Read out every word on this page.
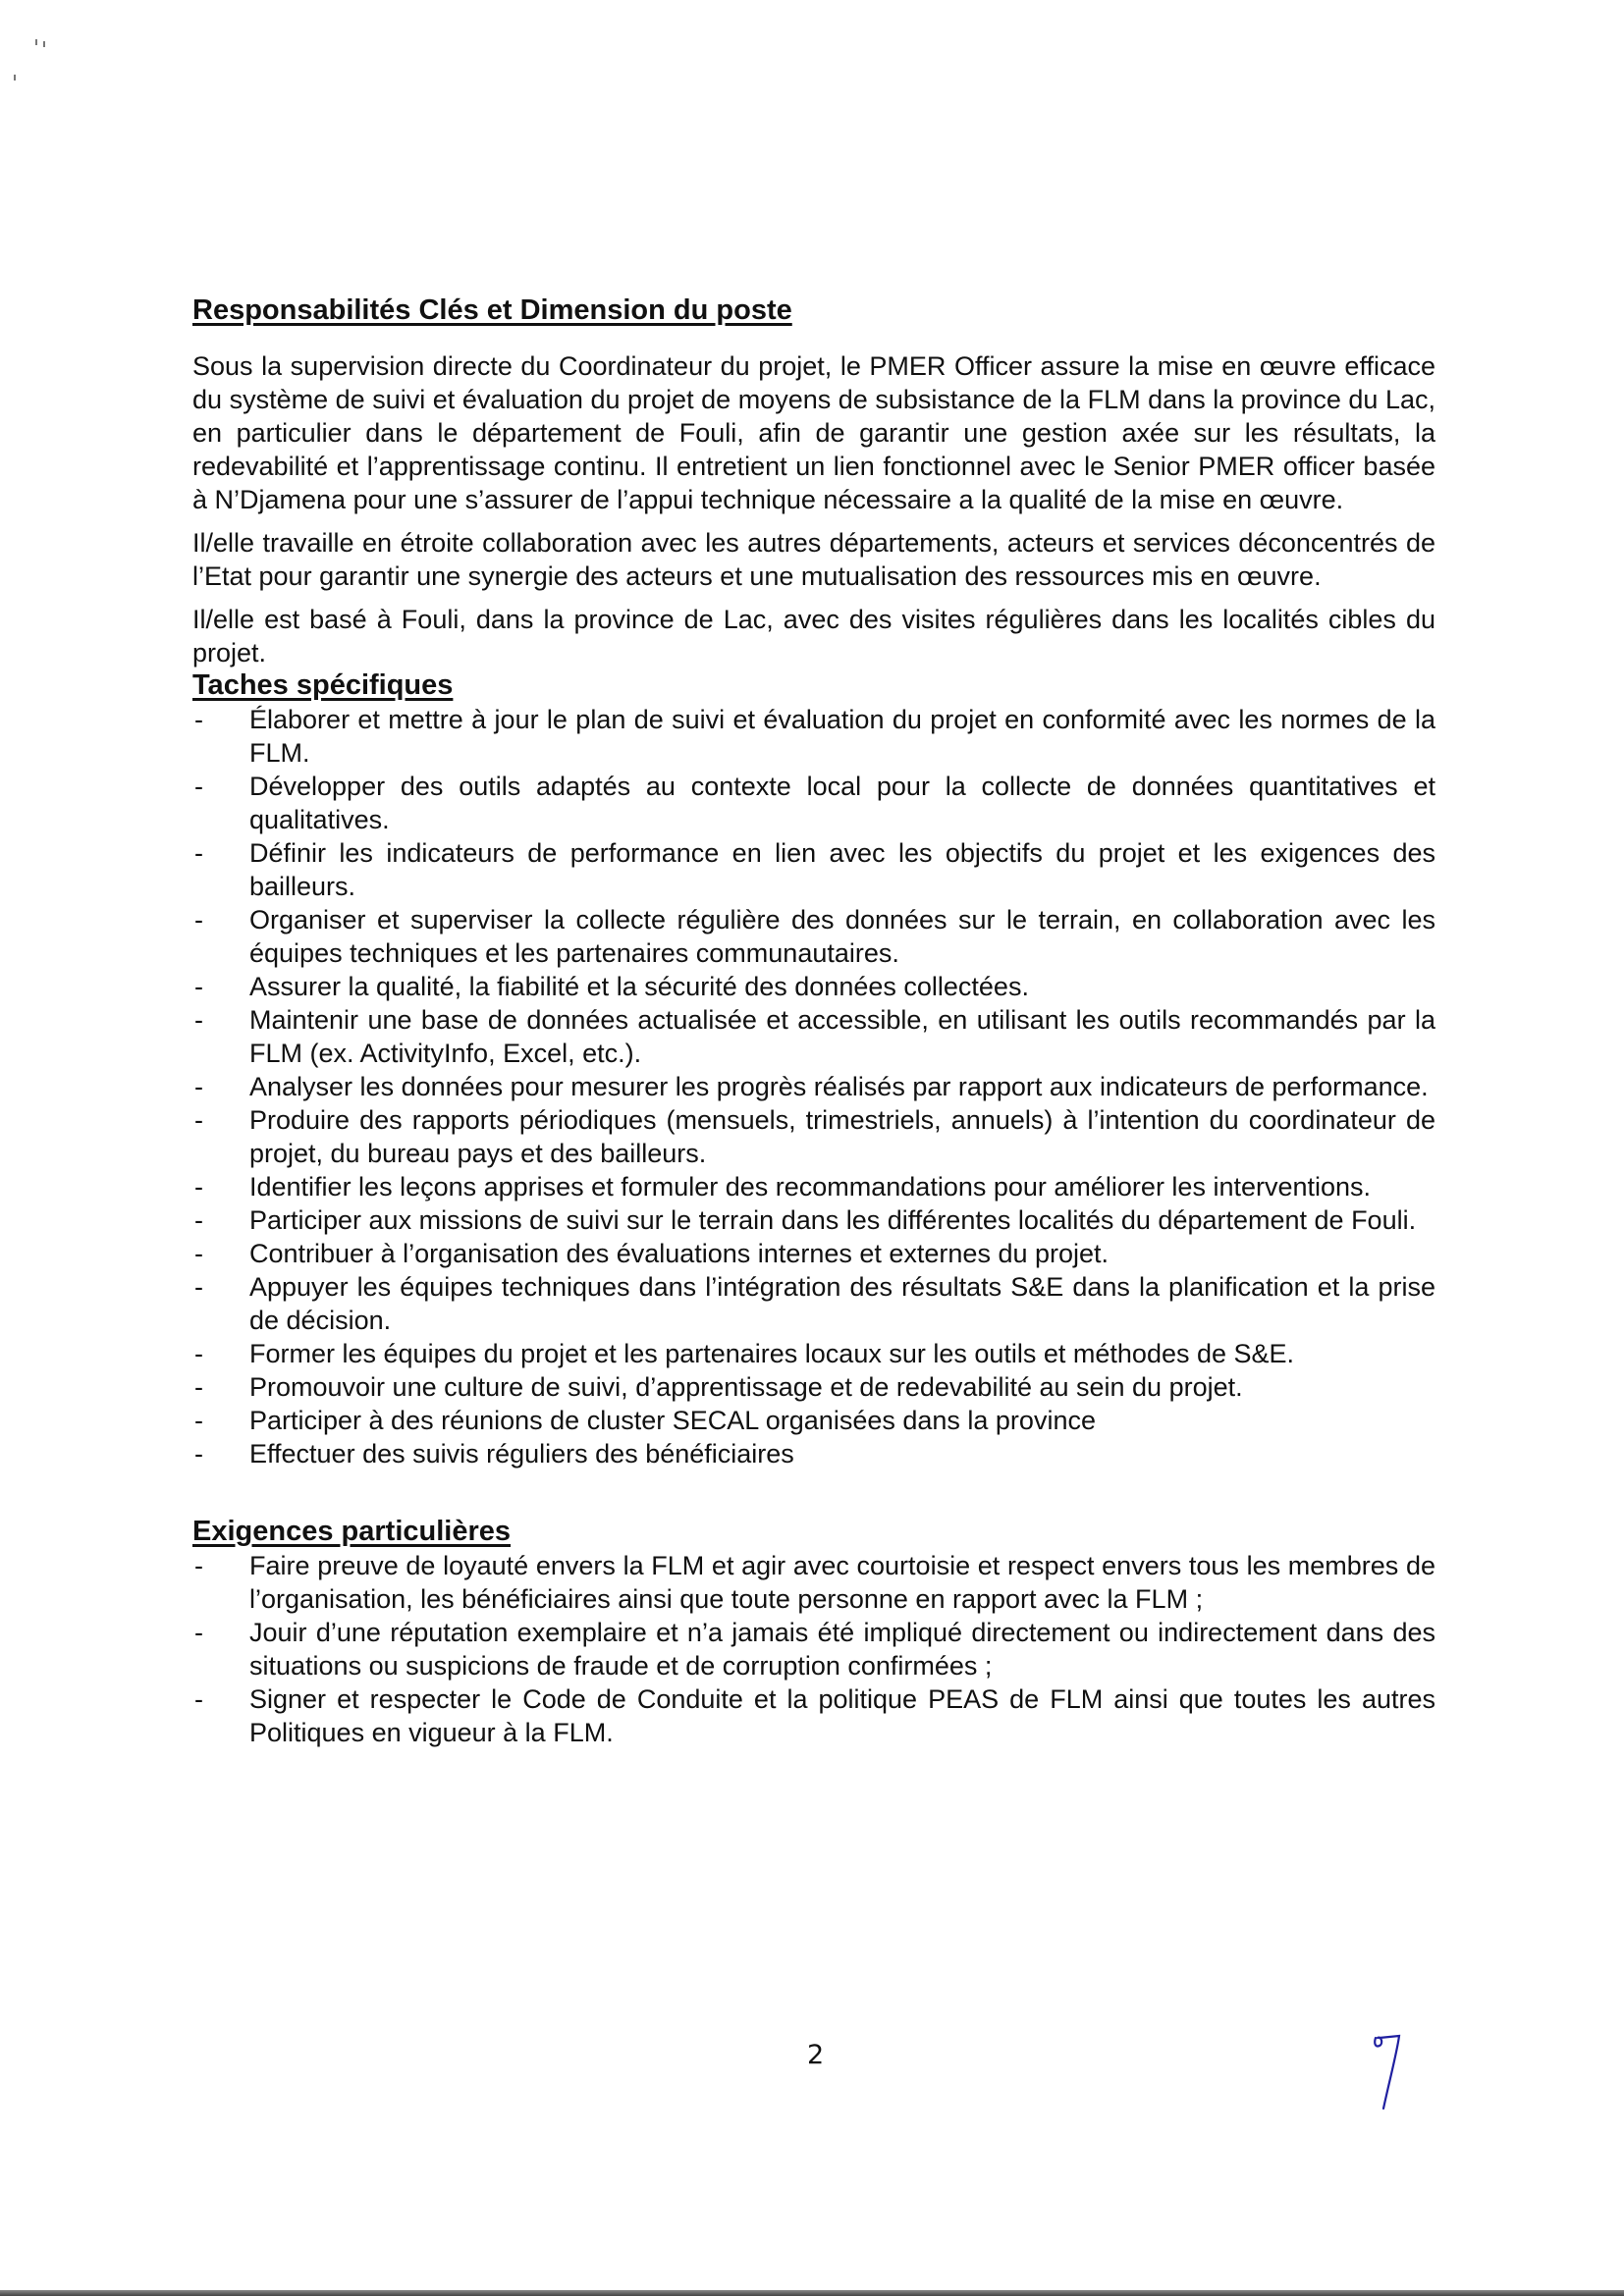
Responsabilités Clés et Dimension du poste

Sous la supervision directe du Coordinateur du projet, le PMER Officer assure la mise en œuvre efficace du système de suivi et évaluation du projet de moyens de subsistance de la FLM dans la province du Lac, en particulier dans le département de Fouli, afin de garantir une gestion axée sur les résultats, la redevabilité et l’apprentissage continu. Il entretient un lien fonctionnel avec le Senior PMER officer basée à N’Djamena pour une s’assurer de l’appui technique nécessaire a la qualité de la mise en œuvre.

Il/elle travaille en étroite collaboration avec les autres départements, acteurs et services déconcentrés de l’Etat pour garantir une synergie des acteurs et une mutualisation des ressources mis en œuvre.

Il/elle est basé à Fouli, dans la province de Lac, avec des visites régulières dans les localités cibles du projet.

Taches spécifiques
- Élaborer et mettre à jour le plan de suivi et évaluation du projet en conformité avec les normes de la FLM.
- Développer des outils adaptés au contexte local pour la collecte de données quantitatives et qualitatives.
- Définir les indicateurs de performance en lien avec les objectifs du projet et les exigences des bailleurs.
- Organiser et superviser la collecte régulière des données sur le terrain, en collaboration avec les équipes techniques et les partenaires communautaires.
- Assurer la qualité, la fiabilité et la sécurité des données collectées.
- Maintenir une base de données actualisée et accessible, en utilisant les outils recommandés par la FLM (ex. ActivityInfo, Excel, etc.).
- Analyser les données pour mesurer les progrès réalisés par rapport aux indicateurs de performance.
- Produire des rapports périodiques (mensuels, trimestriels, annuels) à l’intention du coordinateur de projet, du bureau pays et des bailleurs.
- Identifier les leçons apprises et formuler des recommandations pour améliorer les interventions.
- Participer aux missions de suivi sur le terrain dans les différentes localités du département de Fouli.
- Contribuer à l’organisation des évaluations internes et externes du projet.
- Appuyer les équipes techniques dans l’intégration des résultats S&E dans la planification et la prise de décision.
- Former les équipes du projet et les partenaires locaux sur les outils et méthodes de S&E.
- Promouvoir une culture de suivi, d’apprentissage et de redevabilité au sein du projet.
- Participer à des réunions de cluster SECAL organisées dans la province
- Effectuer des suivis réguliers des bénéficiaires
Exigences particulières
- Faire preuve de loyauté envers la FLM et agir avec courtoisie et respect envers tous les membres de l’organisation, les bénéficiaires ainsi que toute personne en rapport avec la FLM ;
- Jouir d’une réputation exemplaire et n’a jamais été impliqué directement ou indirectement dans des situations ou suspicions de fraude et de corruption confirmées ;
- Signer et respecter le Code de Conduite et la politique PEAS de FLM ainsi que toutes les autres Politiques en vigueur à la FLM.
2
